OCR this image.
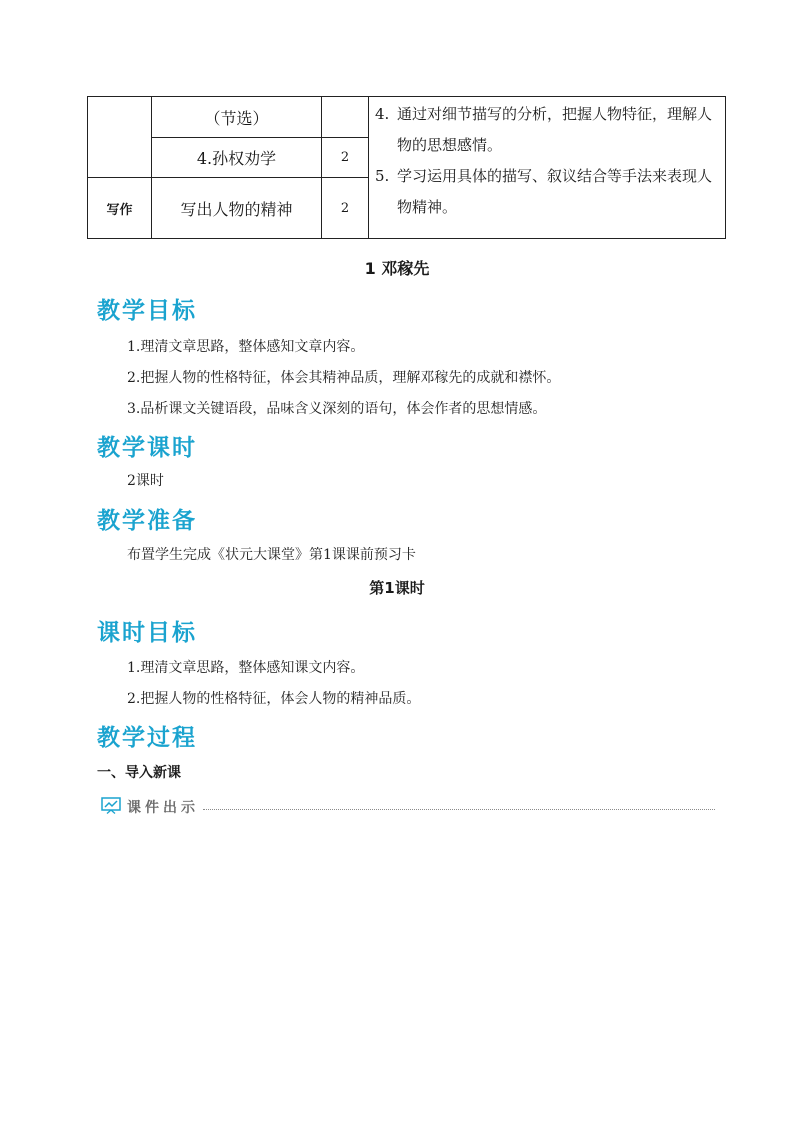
	（节选）		4. 通过对细节描写的分析，把握人物特征，理解人物的思想感情。
5. 学习运用具体的描写、叙议结合等手法来表现人物精神。

	4.孙权劝学	2	
写作	写出人物的精神	2	
1 邓稼先
教学目标
1.理清文章思路，整体感知文章内容。
2.把握人物的性格特征，体会其精神品质，理解邓稼先的成就和襟怀。
3.品析课文关键语段，品味含义深刻的语句，体会作者的思想情感。
教学课时
2课时
教学准备
布置学生完成《状元大课堂》第1课课前预习卡
第1课时
课时目标
1.理清文章思路，整体感知课文内容。
2.把握人物的性格特征，体会人物的精神品质。
教学过程
一、导入新课
课件出示
